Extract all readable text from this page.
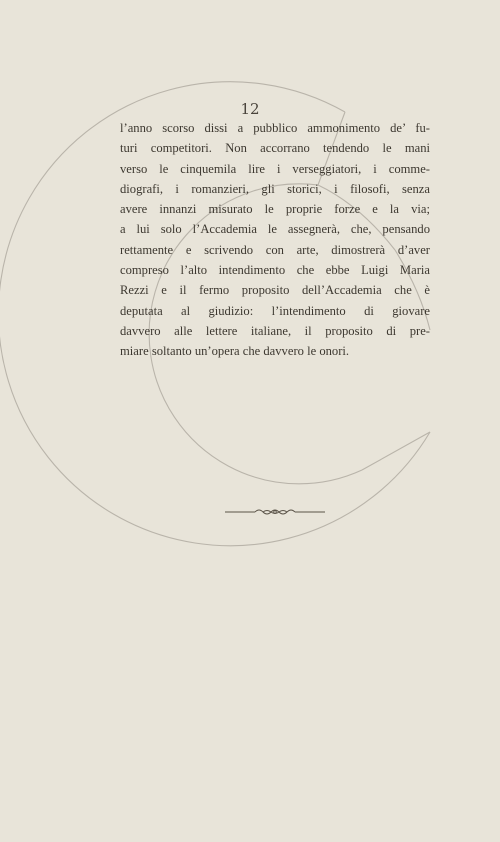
12
l’anno scorso dissi a pubblico ammonimento de’ fu-
turi competitori. Non accorrano tendendo le mani
verso le cinquemila lire i verseggiatori, i comme-
diografi, i romanzieri, gli storici, i filosofi, senza
avere innanzi misurato le proprie forze e la via;
a lui solo l’Accademia le assegnerà, che, pensando
rettamente e scrivendo con arte, dimostrerà d’aver
compreso l’alto intendimento che ebbe Luigi Maria
Rezzi e il fermo proposito dell’Accademia che è
deputata al giudizio: l’intendimento di giovare
davvero alle lettere italiane, il proposito di pre-
miare soltanto un’opera che davvero le onori.
